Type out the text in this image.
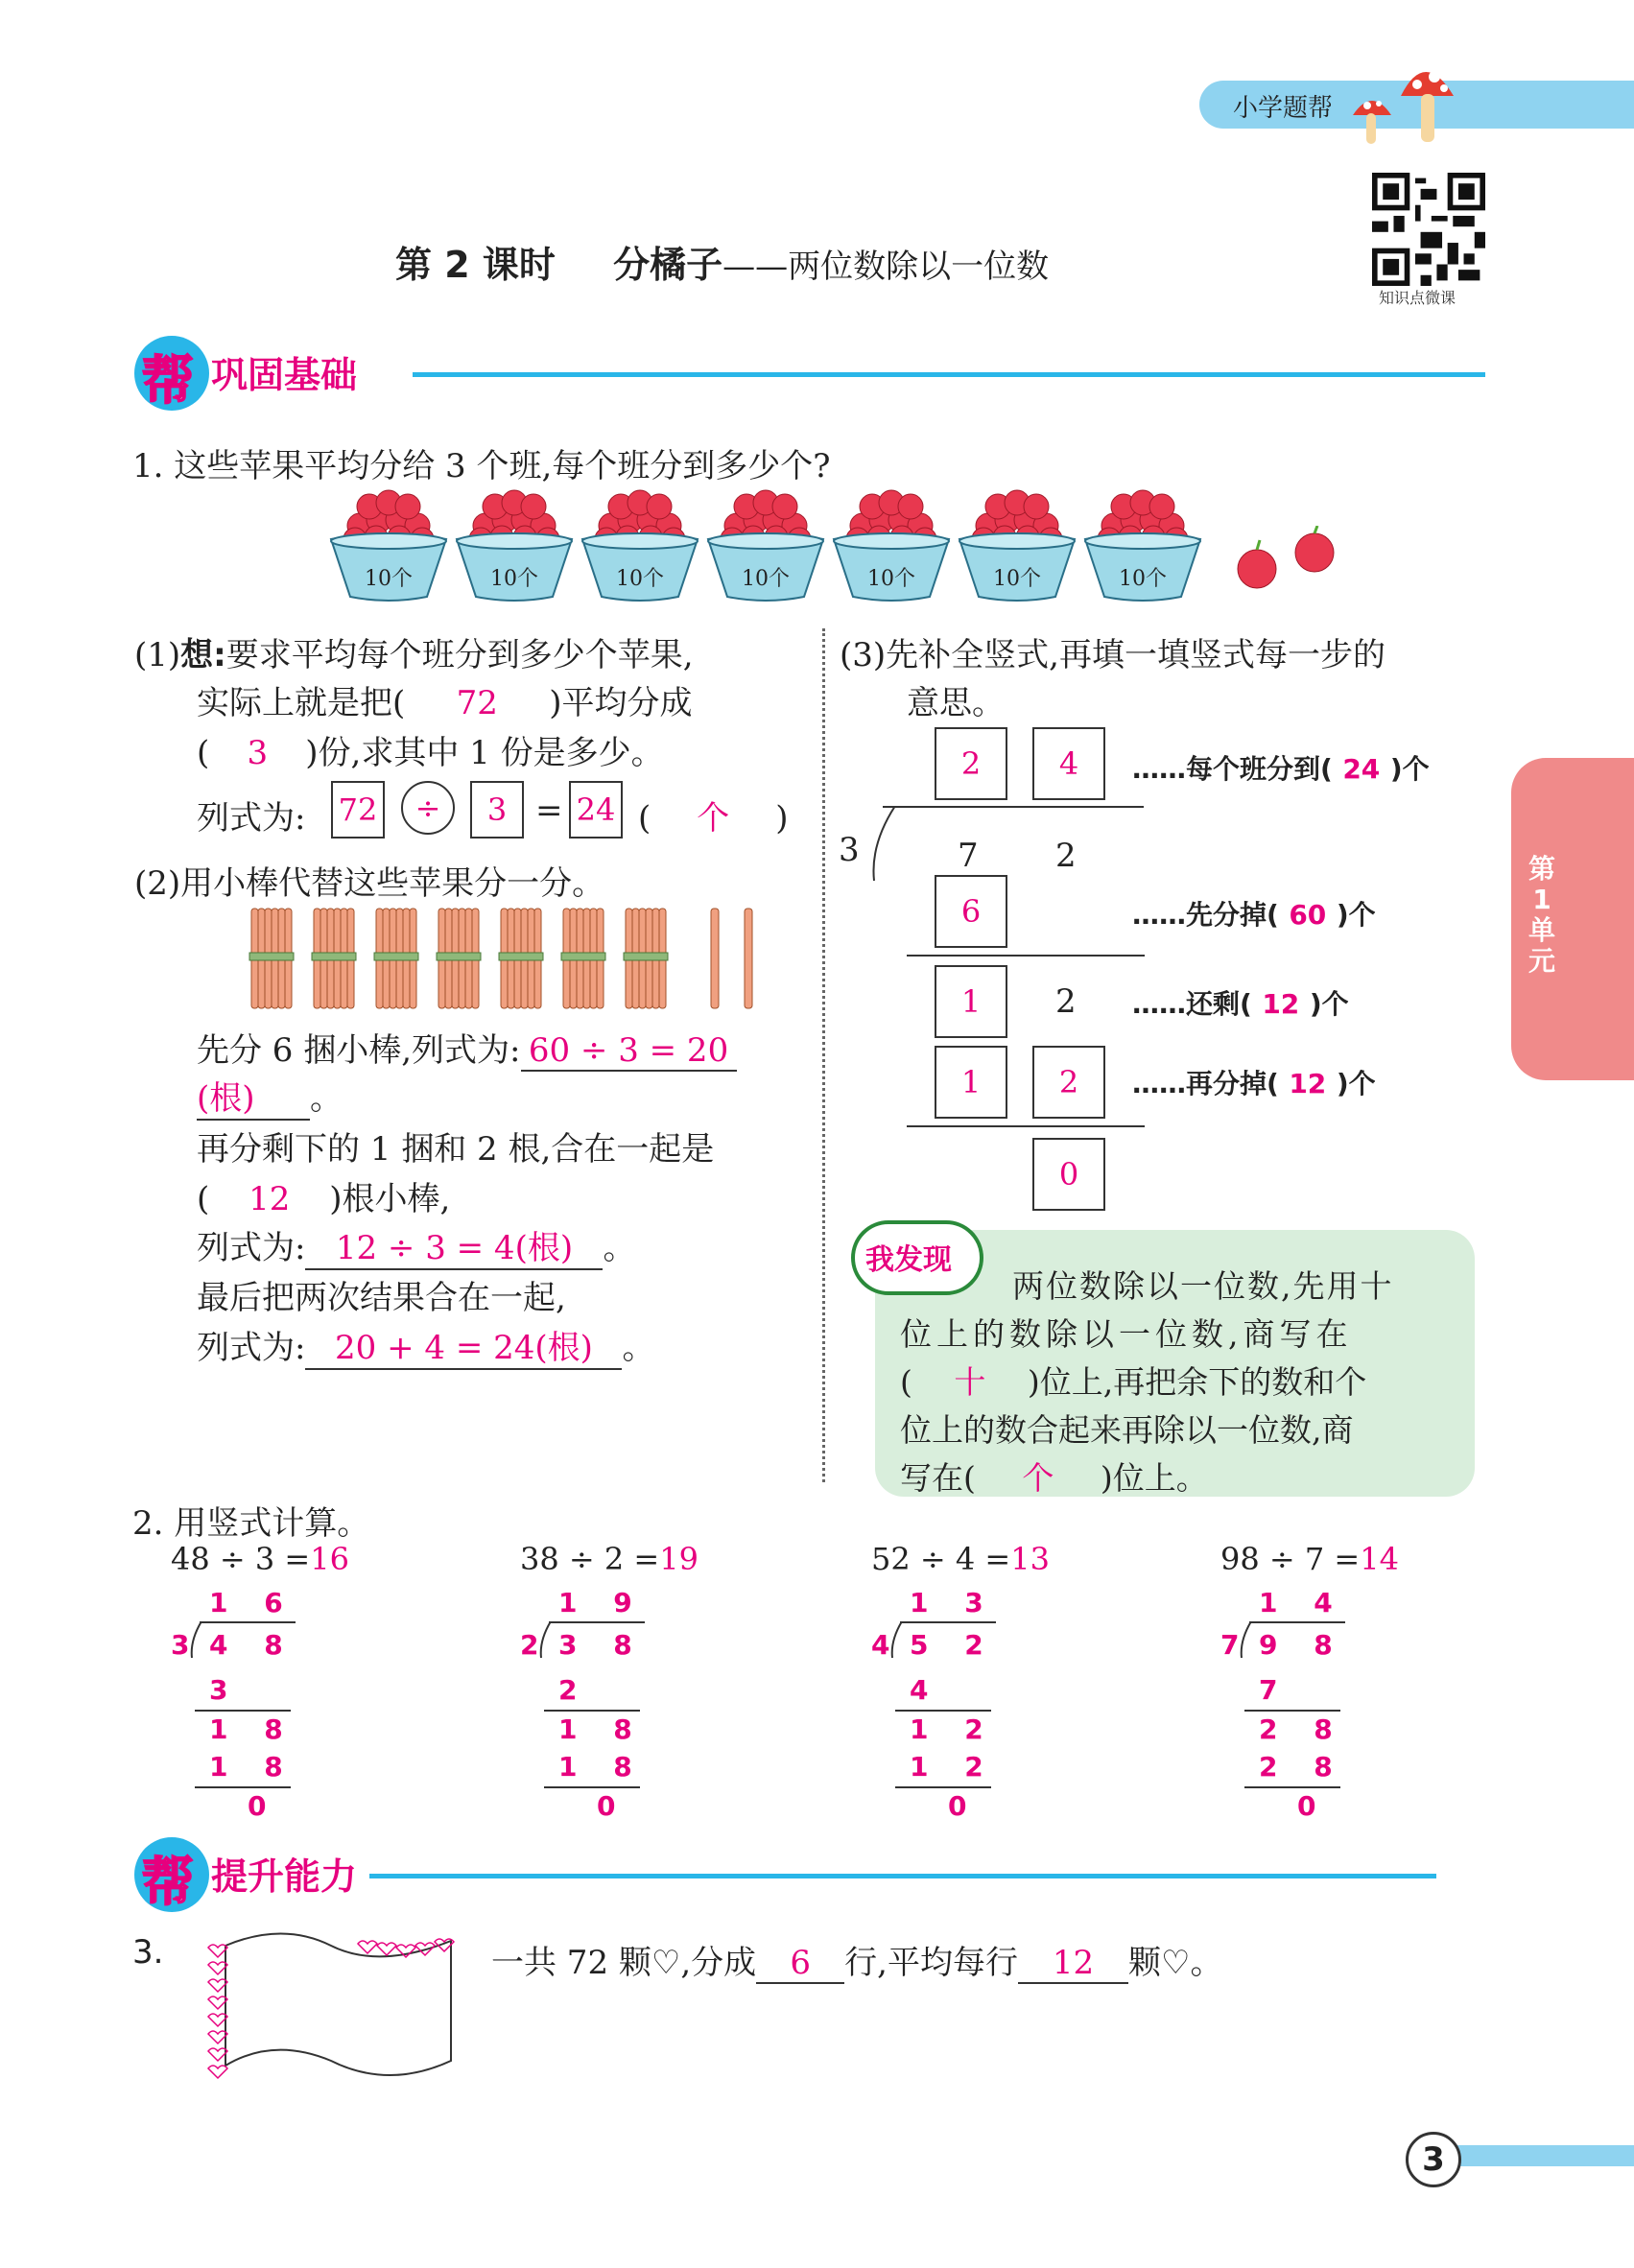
小学题帮
知识点微课
第 2 课时 分橘子——两位数除以一位数
帮 巩固基础
1. 这些苹果平均分给 3 个班,每个班分到多少个?
10个	10个	10个	10个	10个	10个	10个
(1)想:要求平均每个班分到多少个苹果,
实际上就是把( 72 )平均分成
( 3 )份,求其中 1 份是多少。
列式为: 72	÷	3 = 24 ( 个 )
(2)用小棒代替这些苹果分一分。
先分 6 捆小棒,列式为: 60 ÷ 3 = 20
(根) 。
再分剩下的 1 捆和 2 根,合在一起是
( 12 )根小棒,
列式为: 12 ÷ 3 = 4(根) 。
最后把两次结果合在一起,
列式为: 20 + 4 = 24(根) 。
(3)先补全竖式,再填一填竖式每一步的
意思。
2	4	……每个班分到( 24 )个
3	7 2
6	……先分掉( 60 )个
1	2 ……还剩( 12 )个
1	2	……再分掉( 12 )个
0
我发现
两位数除以一位数,先用十
位上的数除以一位数,商写在
( 十 )位上,再把余下的数和个
位上的数合起来再除以一位数,商
写在( 个 )位上。
2. 用竖式计算。
48 ÷ 3 =16
1 6
3 4 8
3
1 8
1 8
0
38 ÷ 2 =19
1 9
2 3 8
2
1 8
1 8
0
52 ÷ 4 =13
1 3
4 5 2
4
1 2
1 2
0
98 ÷ 7 =14
1 4
7 9 8
7
2 8
2 8
0
帮 提升能力
3.	一共 72 颗♡,分成 6 行,平均每行 12 颗♡。
第
1
单
元
3
